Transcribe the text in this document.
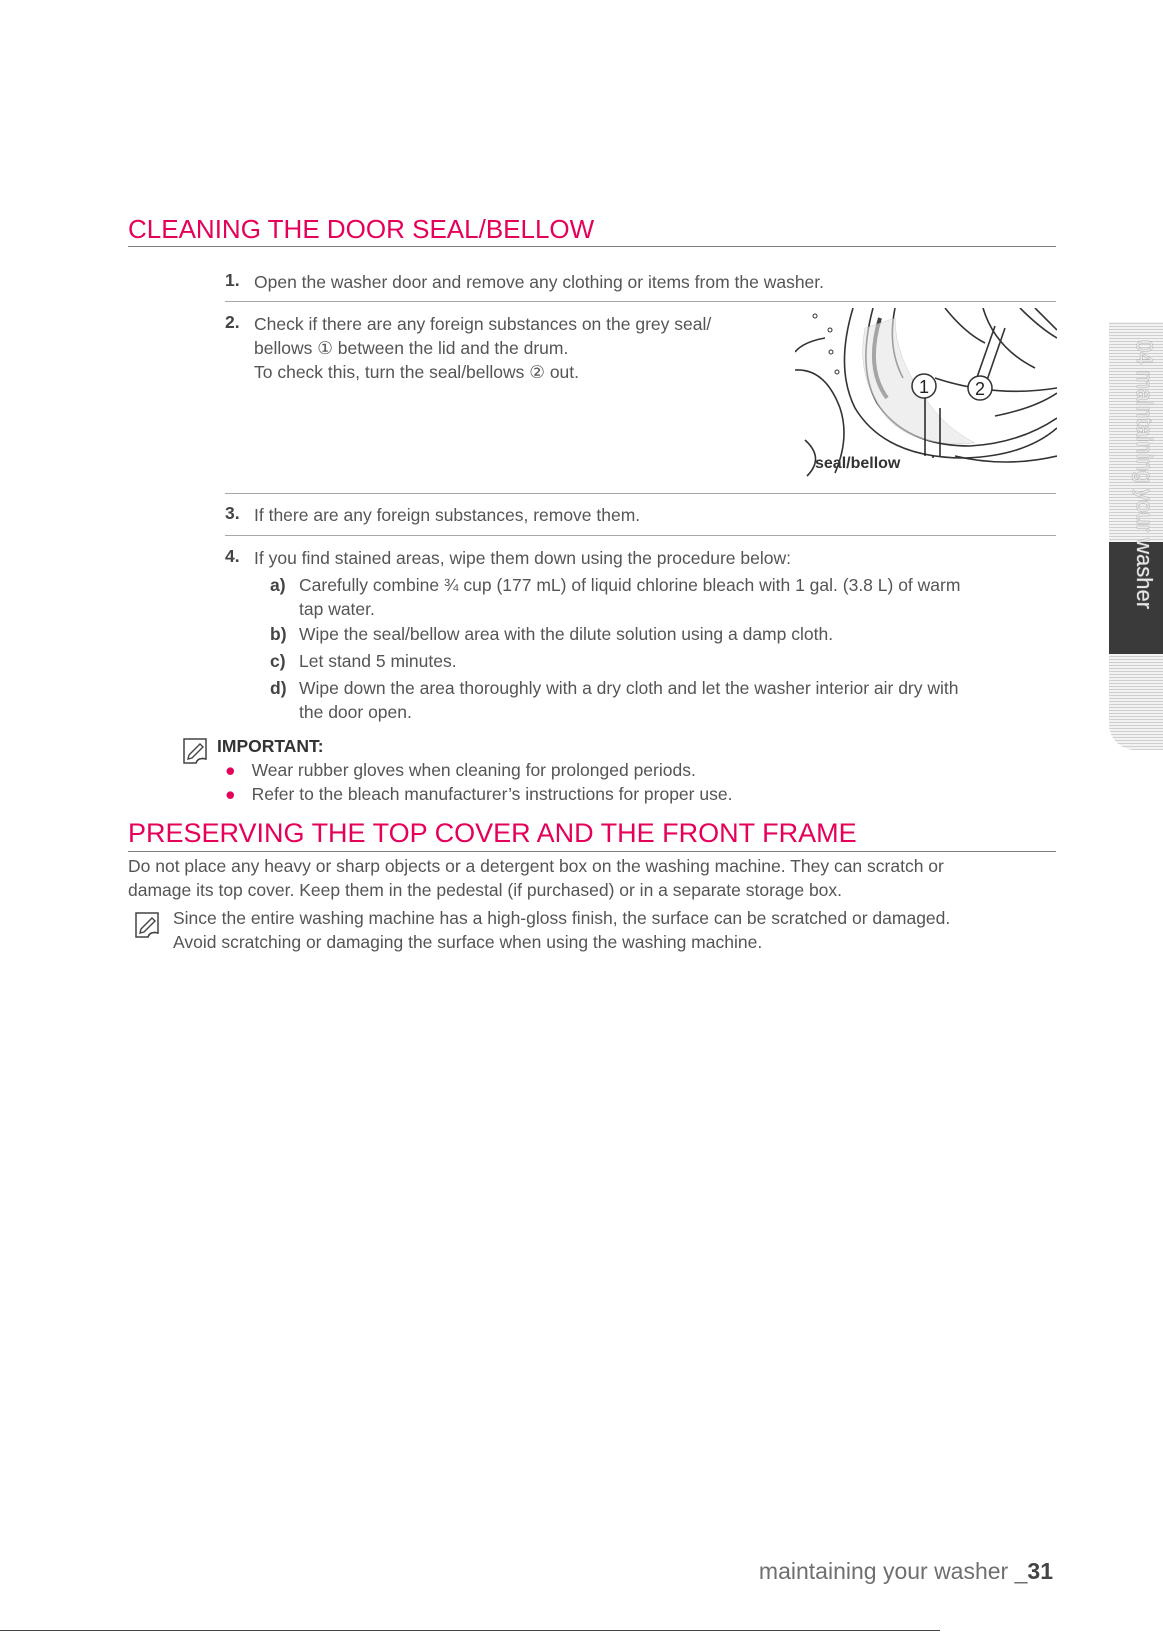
CLEANING THE DOOR SEAL/BELLOW
1. Open the washer door and remove any clothing or items from the washer.
2. Check if there are any foreign substances on the grey seal/
bellows ① between the lid and the drum.
To check this, turn the seal/bellows ② out.
1	2
seal/bellow
3. If there are any foreign substances, remove them.
4. If you find stained areas, wipe them down using the procedure below:
a) Carefully combine ¾ cup (177 mL) of liquid chlorine bleach with 1 gal. (3.8 L) of warm
tap water.
b) Wipe the seal/bellow area with the dilute solution using a damp cloth.
c) Let stand 5 minutes.
d) Wipe down the area thoroughly with a dry cloth and let the washer interior air dry with
the door open.
IMPORTANT:
● Wear rubber gloves when cleaning for prolonged periods.
● Refer to the bleach manufacturer’s instructions for proper use.
PRESERVING THE TOP COVER AND THE FRONT FRAME
Do not place any heavy or sharp objects or a detergent box on the washing machine. They can scratch or
damage its top cover. Keep them in the pedestal (if purchased) or in a separate storage box.
Since the entire washing machine has a high-gloss finish, the surface can be scratched or damaged.
Avoid scratching or damaging the surface when using the washing machine.
04 maintaining your washer
maintaining your washer _31
